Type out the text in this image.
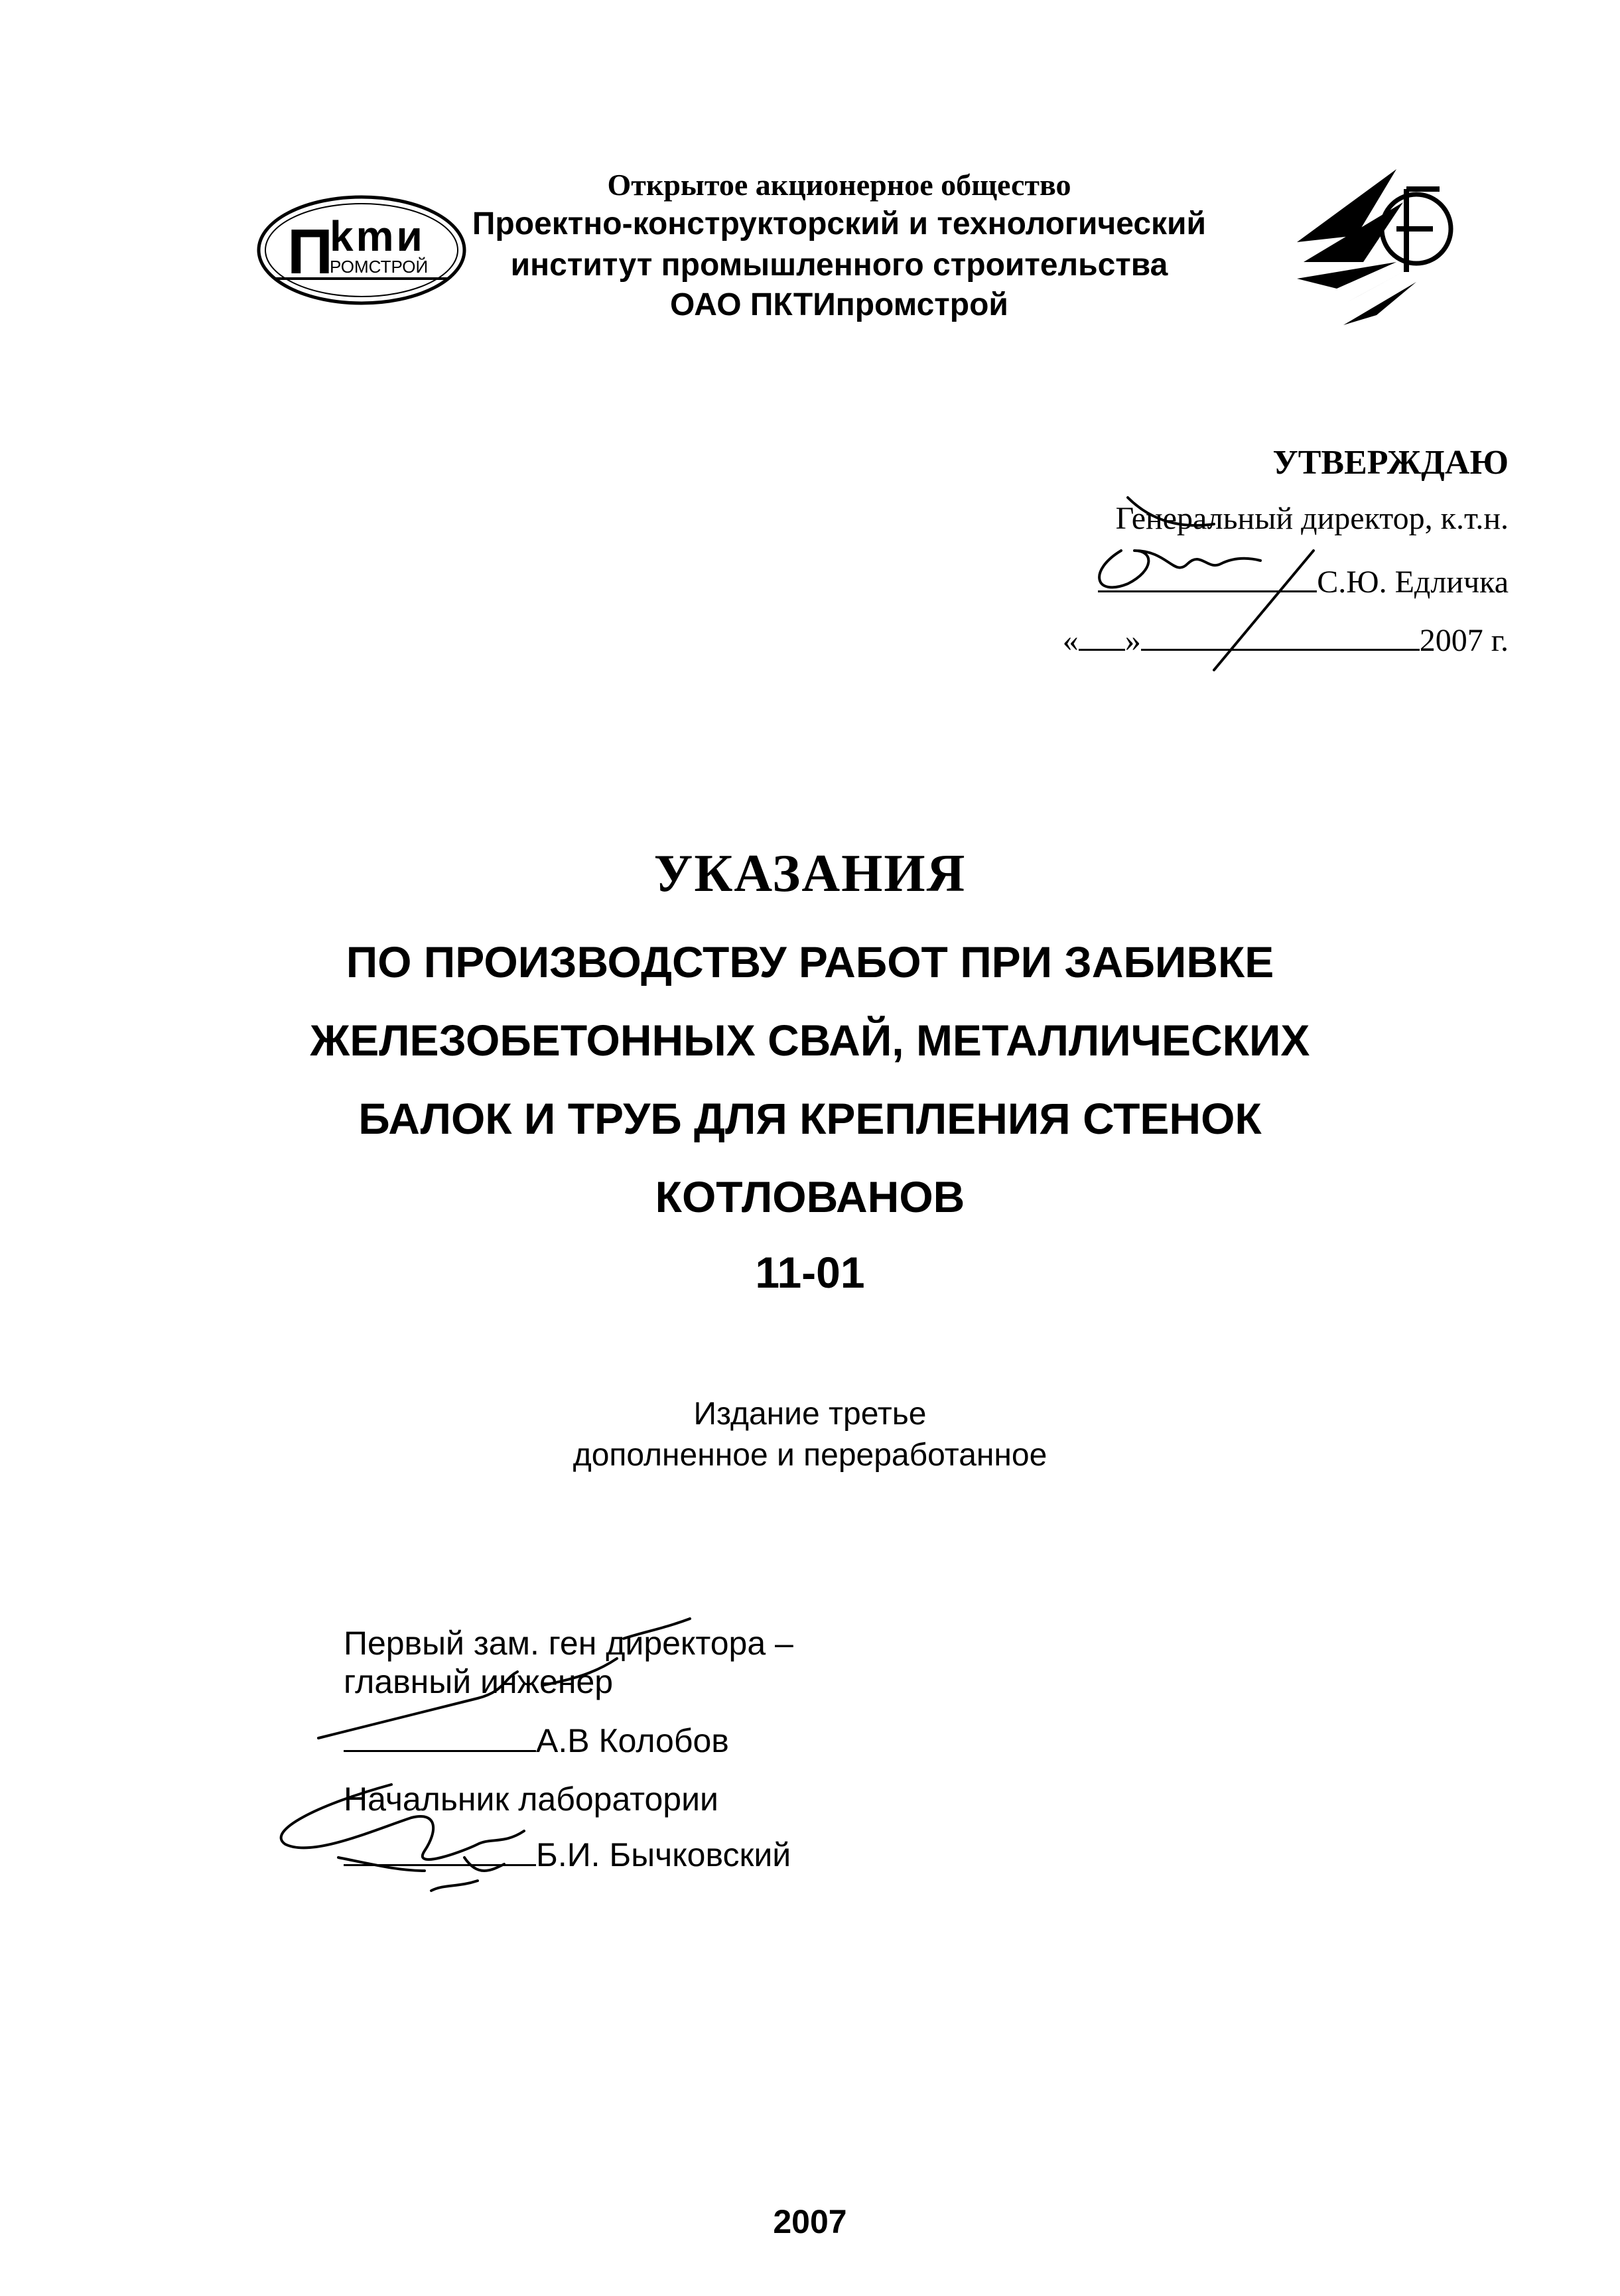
П
kmи
РОМСТРОЙ
Открытое акционерное общество
Проектно-конструкторский и технологический
институт промышленного строительства
ОАО ПКТИпромстрой
УТВЕРЖДАЮ
Генеральный директор, к.т.н.
С.Ю. Едличка
« »	2007 г.
УКАЗАНИЯ
ПО ПРОИЗВОДСТВУ РАБОТ ПРИ ЗАБИВКЕ
ЖЕЛЕЗОБЕТОННЫХ СВАЙ, МЕТАЛЛИЧЕСКИХ
БАЛОК И ТРУБ ДЛЯ КРЕПЛЕНИЯ СТЕНОК
КОТЛОВАНОВ
11-01
Издание третье
дополненное и переработанное
Первый зам. ген директора –
главный инженер
А.В Колобов
Начальник лаборатории
Б.И. Бычковский
2007
